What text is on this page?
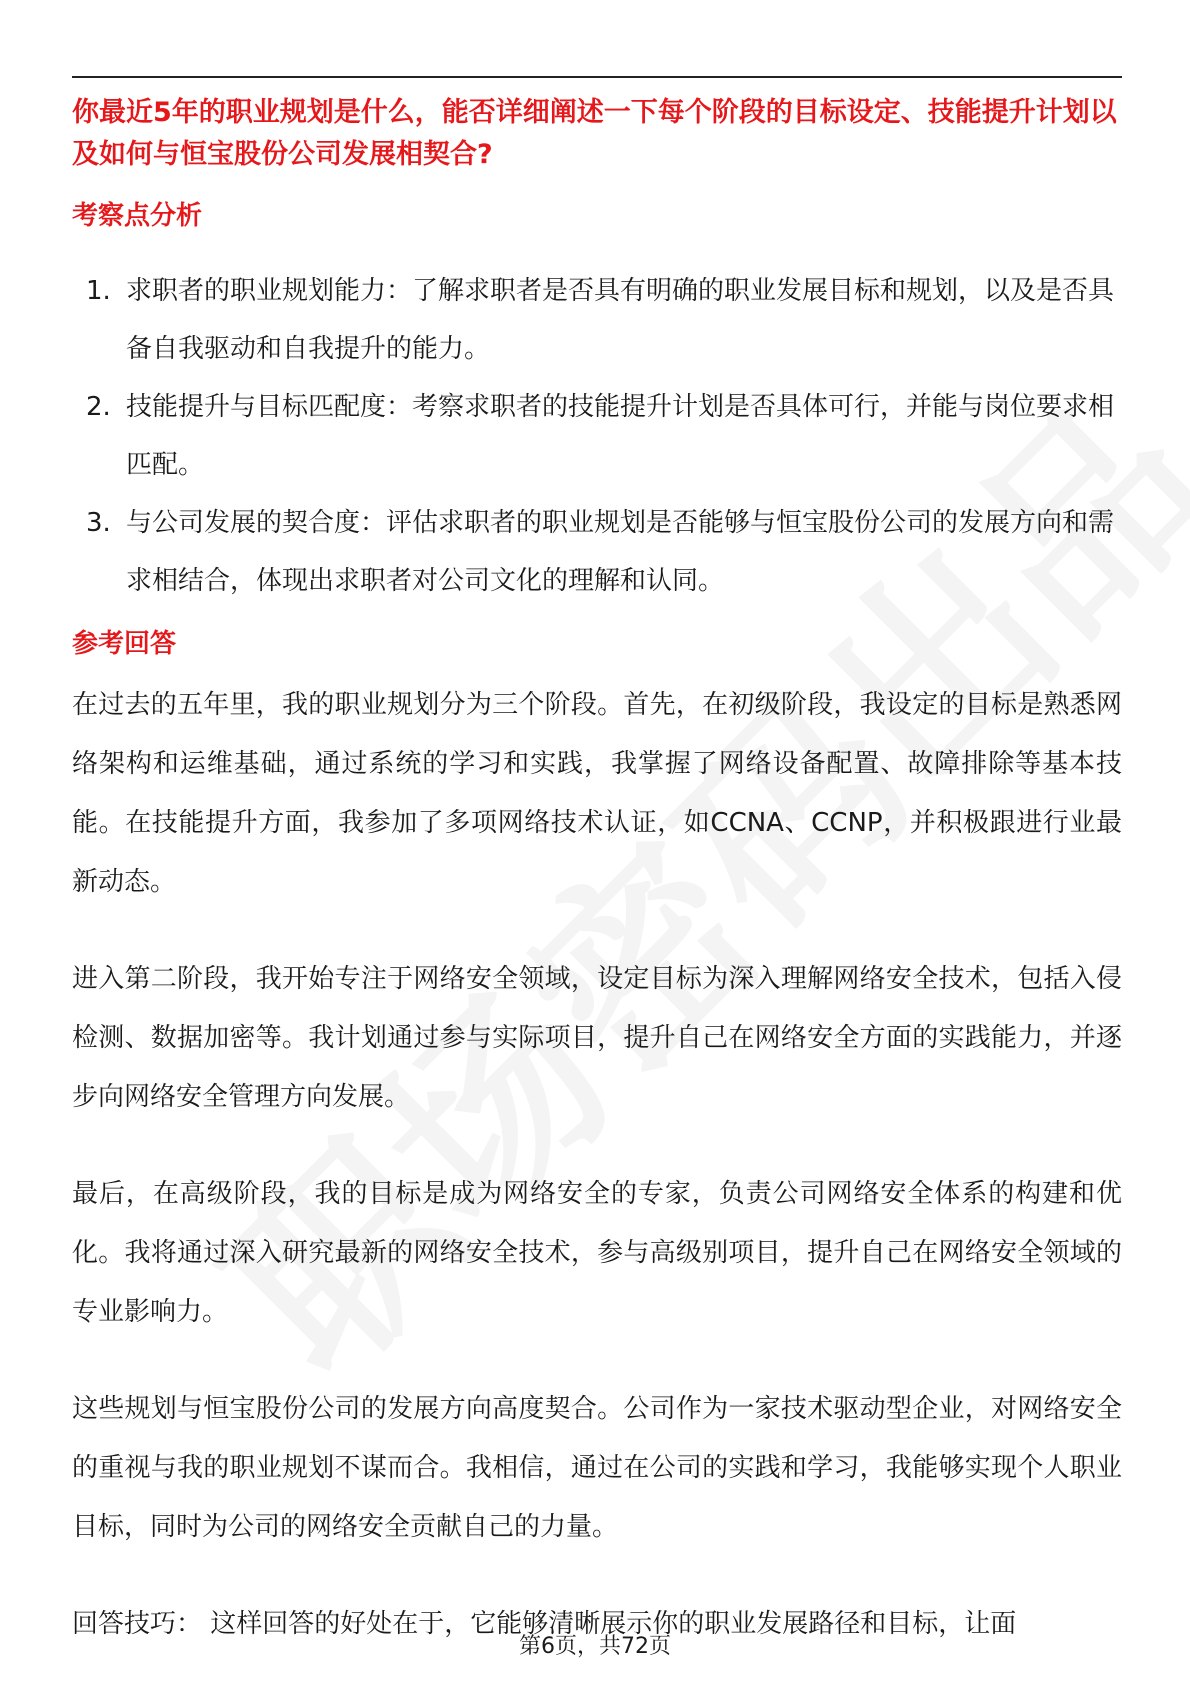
你最近5年的职业规划是什么，能否详细阐述一下每个阶段的目标设定、技能提升计划以及如何与恒宝股份公司发展相契合?

考察点分析
1. 求职者的职业规划能力：了解求职者是否具有明确的职业发展目标和规划，以及是否具备自我驱动和自我提升的能力。
2. 技能提升与目标匹配度：考察求职者的技能提升计划是否具体可行，并能与岗位要求相匹配。
3. 与公司发展的契合度：评估求职者的职业规划是否能够与恒宝股份公司的发展方向和需求相结合，体现出求职者对公司文化的理解和认同。
参考回答

在过去的五年里，我的职业规划分为三个阶段。首先，在初级阶段，我设定的目标是熟悉网络架构和运维基础，通过系统的学习和实践，我掌握了网络设备配置、故障排除等基本技能。在技能提升方面，我参加了多项网络技术认证，如CCNA、CCNP，并积极跟进行业最新动态。

进入第二阶段，我开始专注于网络安全领域，设定目标为深入理解网络安全技术，包括入侵检测、数据加密等。我计划通过参与实际项目，提升自己在网络安全方面的实践能力，并逐步向网络安全管理方向发展。

最后，在高级阶段，我的目标是成为网络安全的专家，负责公司网络安全体系的构建和优化。我将通过深入研究最新的网络安全技术，参与高级别项目，提升自己在网络安全领域的专业影响力。

这些规划与恒宝股份公司的发展方向高度契合。公司作为一家技术驱动型企业，对网络安全的重视与我的职业规划不谋而合。我相信，通过在公司的实践和学习，我能够实现个人职业目标，同时为公司的网络安全贡献自己的力量。

回答技巧： 这样回答的好处在于，它能够清晰展示你的职业发展路径和目标，让面

第6页，共72页
